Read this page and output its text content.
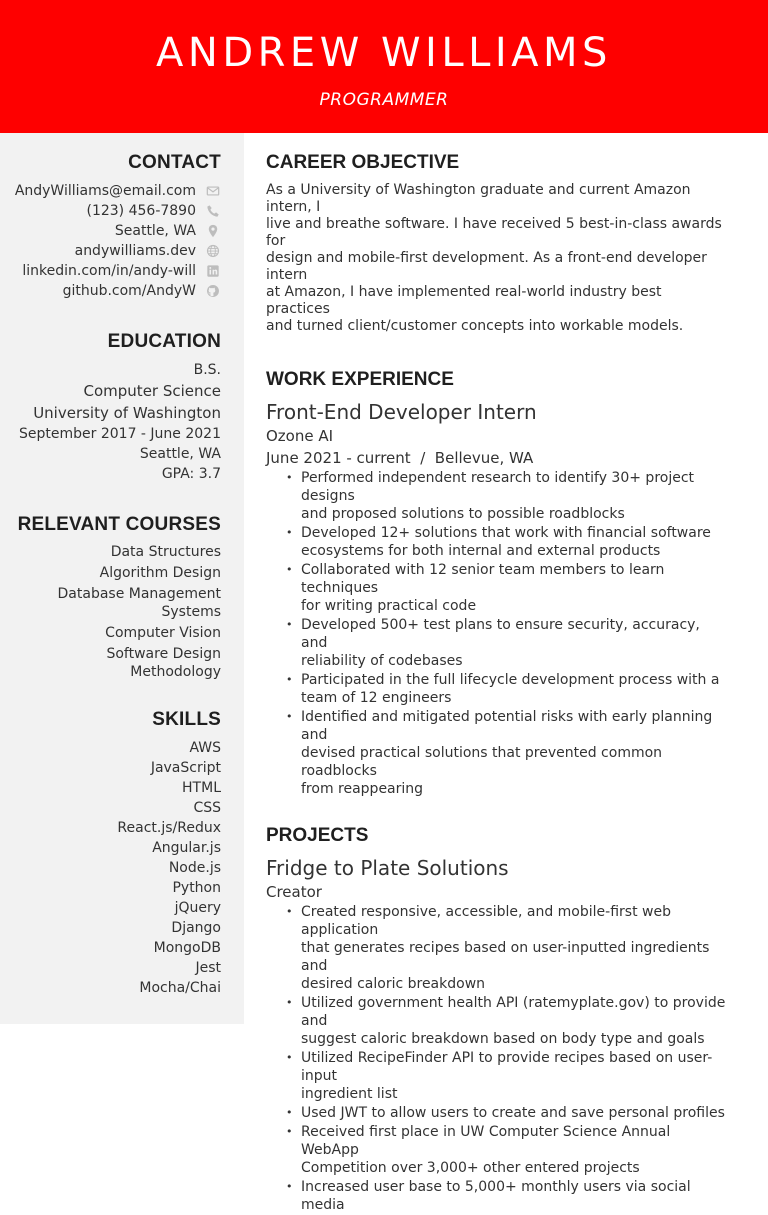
ANDREW WILLIAMS
PROGRAMMER
CONTACT
AndyWilliams@email.com
(123) 456-7890
Seattle, WA
andywilliams.dev
linkedin.com/in/andy-will
github.com/AndyW
EDUCATION
B.S.
Computer Science
University of Washington
September 2017 - June 2021
Seattle, WA
GPA: 3.7
RELEVANT COURSES
Data Structures
Algorithm Design
Database Management
Systems
Computer Vision
Software Design
Methodology
SKILLS
AWS
JavaScript
HTML
CSS
React.js/Redux
Angular.js
Node.js
Python
jQuery
Django
MongoDB
Jest
Mocha/Chai
CAREER OBJECTIVE
As a University of Washington graduate and current Amazon intern, I
live and breathe software. I have received 5 best-in-class awards for
design and mobile-first development. As a front-end developer intern
at Amazon, I have implemented real-world industry best practices
and turned client/customer concepts into workable models.
WORK EXPERIENCE
Front-End Developer Intern
Ozone AI
June 2021 - current  /  Bellevue, WA
• Performed independent research to identify 30+ project designs
and proposed solutions to possible roadblocks
• Developed 12+ solutions that work with financial software
ecosystems for both internal and external products
• Collaborated with 12 senior team members to learn techniques
for writing practical code
• Developed 500+ test plans to ensure security, accuracy, and
reliability of codebases
• Participated in the full lifecycle development process with a
team of 12 engineers
• Identified and mitigated potential risks with early planning and
devised practical solutions that prevented common roadblocks
from reappearing
PROJECTS
Fridge to Plate Solutions
Creator
• Created responsive, accessible, and mobile-first web application
that generates recipes based on user-inputted ingredients and
desired caloric breakdown
• Utilized government health API (ratemyplate.gov) to provide and
suggest caloric breakdown based on body type and goals
• Utilized RecipeFinder API to provide recipes based on user-input
ingredient list
• Used JWT to allow users to create and save personal profiles
• Received first place in UW Computer Science Annual WebApp
Competition over 3,000+ other entered projects
• Increased user base to 5,000+ monthly users via social media
